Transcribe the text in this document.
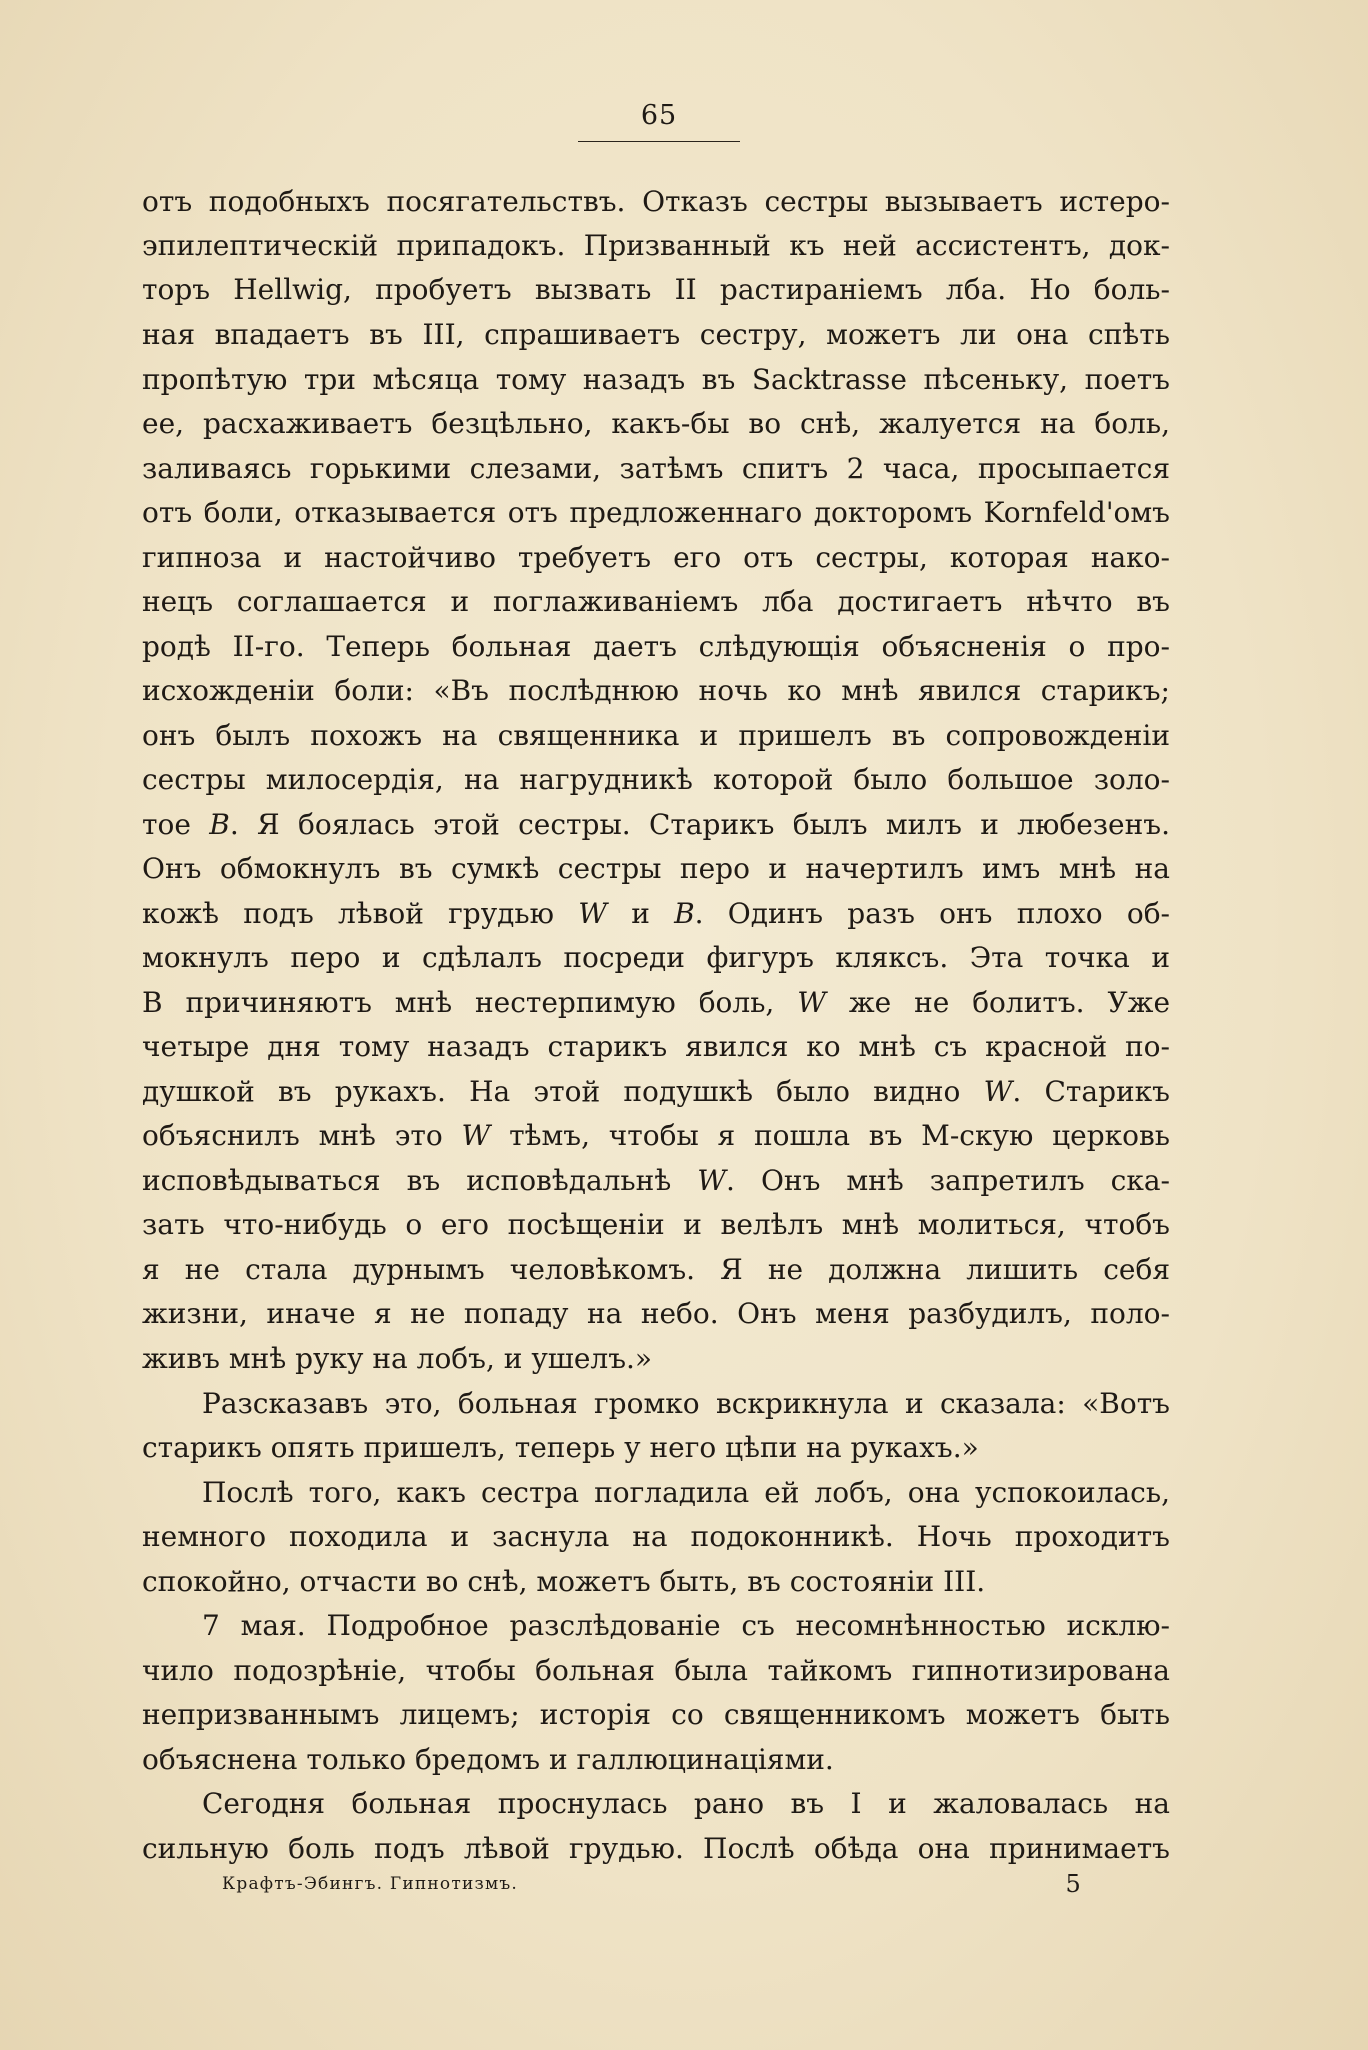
65
отъ подобныхъ посягательствъ. Отказъ сестры вызываетъ истеро-
эпилептическій припадокъ. Призванный къ ней ассистентъ, док-
торъ Hellwig, пробуетъ вызвать II растираніемъ лба. Но боль-
ная впадаетъ въ III, спрашиваетъ сестру, можетъ ли она спѣть
пропѣтую три мѣсяца тому назадъ въ Sacktrasse пѣсеньку, поетъ
ее, расхаживаетъ безцѣльно, какъ-бы во снѣ, жалуется на боль,
заливаясь горькими слезами, затѣмъ спитъ 2 часа, просыпается
отъ боли, отказывается отъ предложеннаго докторомъ Kornfeld'омъ
гипноза и настойчиво требуетъ его отъ сестры, которая нако-
нецъ соглашается и поглаживаніемъ лба достигаетъ нѣчто въ
родѣ II-го. Теперь больная даетъ слѣдующія объясненія о про-
исхожденіи боли: «Въ послѣднюю ночь ко мнѣ явился старикъ;
онъ былъ похожъ на священника и пришелъ въ сопровожденіи
сестры милосердія, на нагрудникѣ которой было большое золо-
тое B. Я боялась этой сестры. Старикъ былъ милъ и любезенъ.
Онъ обмокнулъ въ сумкѣ сестры перо и начертилъ имъ мнѣ на
кожѣ подъ лѣвой грудью W и B. Одинъ разъ онъ плохо об-
мокнулъ перо и сдѣлалъ посреди фигуръ кляксъ. Эта точка и
B причиняютъ мнѣ нестерпимую боль, W же не болитъ. Уже
четыре дня тому назадъ старикъ явился ко мнѣ съ красной по-
душкой въ рукахъ. На этой подушкѣ было видно W. Старикъ
объяснилъ мнѣ это W тѣмъ, чтобы я пошла въ М-скую церковь
исповѣдываться въ исповѣдальнѣ W. Онъ мнѣ запретилъ ска-
зать что-нибудь о его посѣщеніи и велѣлъ мнѣ молиться, чтобъ
я не стала дурнымъ человѣкомъ. Я не должна лишить себя
жизни, иначе я не попаду на небо. Онъ меня разбудилъ, поло-
живъ мнѣ руку на лобъ, и ушелъ.»
Разсказавъ это, больная громко вскрикнула и сказала: «Вотъ
старикъ опять пришелъ, теперь у него цѣпи на рукахъ.»
Послѣ того, какъ сестра погладила ей лобъ, она успокоилась,
немного походила и заснула на подоконникѣ. Ночь проходитъ
спокойно, отчасти во снѣ, можетъ быть, въ состояніи III.
7 мая. Подробное разслѣдованіе съ несомнѣнностью исклю-
чило подозрѣніе, чтобы больная была тайкомъ гипнотизирована
непризваннымъ лицемъ; исторія со священникомъ можетъ быть
объяснена только бредомъ и галлюцинаціями.
Сегодня больная проснулась рано въ I и жаловалась на
сильную боль подъ лѣвой грудью. Послѣ обѣда она принимаетъ
Крафтъ-Эбингъ. Гипнотизмъ.	5
